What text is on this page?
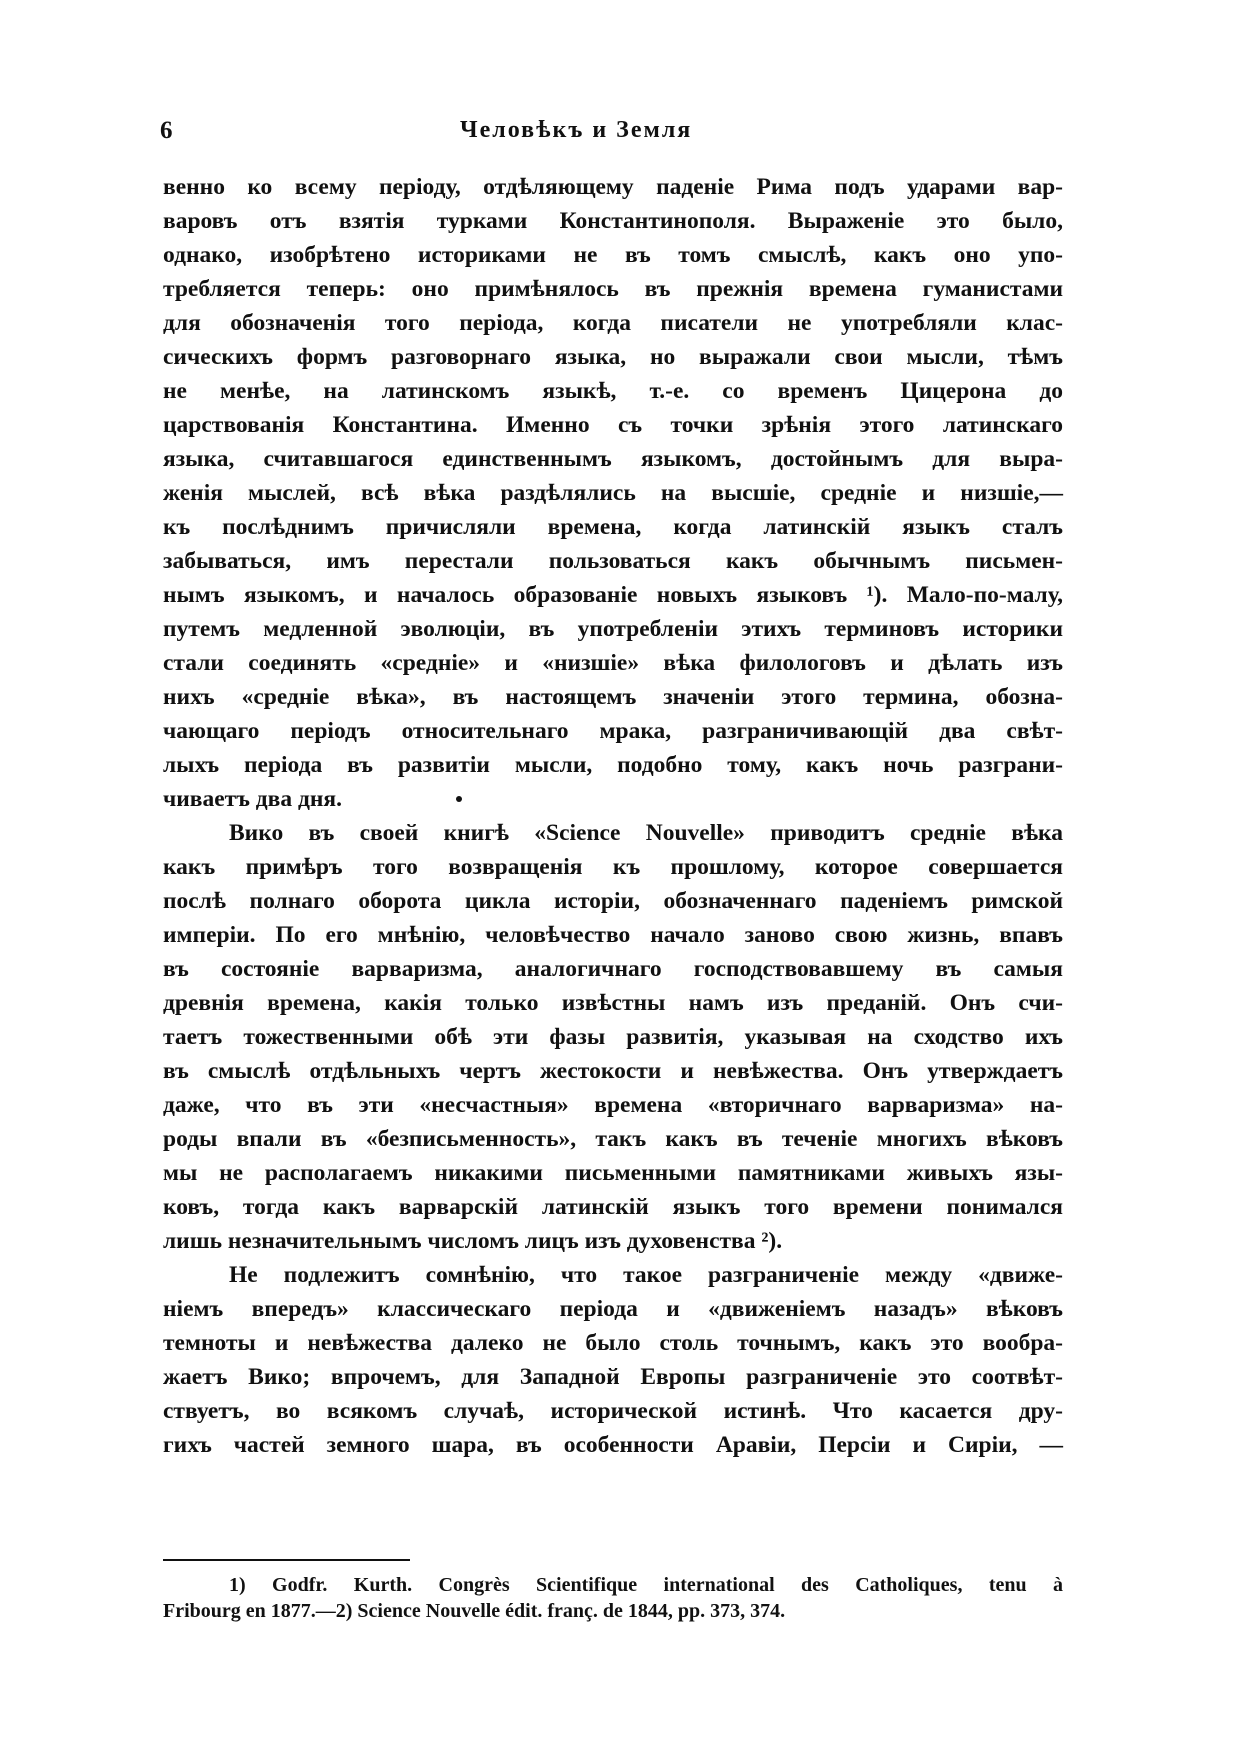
6	Человѣкъ и Земля
венно ко всему періоду, отдѣляющему паденіе Рима подъ ударами вар-
варовъ отъ взятія турками Константинополя. Выраженіе это было,
однако, изобрѣтено историками не въ томъ смыслѣ, какъ оно упо-
требляется теперь: оно примѣнялось въ прежнія времена гуманистами
для обозначенія того періода, когда писатели не употребляли клас-
сическихъ формъ разговорнаго языка, но выражали свои мысли, тѣмъ
не менѣе, на латинскомъ языкѣ, т.-е. со временъ Цицерона до
царствованія Константина. Именно съ точки зрѣнія этого латинскаго
языка, считавшагося единственнымъ языкомъ, достойнымъ для выра-
женія мыслей, всѣ вѣка раздѣлялись на высшіе, средніе и низшіе,—
къ послѣднимъ причисляли времена, когда латинскій языкъ сталъ
забываться, имъ перестали пользоваться какъ обычнымъ письмен-
нымъ языкомъ, и началось образованіе новыхъ языковъ ¹). Мало-по-малу,
путемъ медленной эволюціи, въ употребленіи этихъ терминовъ историки
стали соединять «средніе» и «низшіе» вѣка филологовъ и дѣлать изъ
нихъ «средніе вѣка», въ настоящемъ значеніи этого термина, обозна-
чающаго періодъ относительнаго мрака, разграничивающій два свѣт-
лыхъ періода въ развитіи мысли, подобно тому, какъ ночь разграни-
чиваетъ два дня.
Вико въ своей книгѣ «Science Nouvelle» приводитъ средніе вѣка
какъ примѣръ того возвращенія къ прошлому, которое совершается
послѣ полнаго оборота цикла исторіи, обозначеннаго паденіемъ римской
имперіи. По его мнѣнію, человѣчество начало заново свою жизнь, впавъ
въ состояніе варваризма, аналогичнаго господствовавшему въ самыя
древнія времена, какія только извѣстны намъ изъ преданій. Онъ счи-
таетъ тожественными обѣ эти фазы развитія, указывая на сходство ихъ
въ смыслѣ отдѣльныхъ чертъ жестокости и невѣжества. Онъ утверждаетъ
даже, что въ эти «несчастныя» времена «вторичнаго варваризма» на-
роды впали въ «безписьменность», такъ какъ въ теченіе многихъ вѣковъ
мы не располагаемъ никакими письменными памятниками живыхъ язы-
ковъ, тогда какъ варварскій латинскій языкъ того времени понимался
лишь незначительнымъ числомъ лицъ изъ духовенства ²).
Не подлежитъ сомнѣнію, что такое разграниченіе между «движе-
ніемъ впередъ» классическаго періода и «движеніемъ назадъ» вѣковъ
темноты и невѣжества далеко не было столь точнымъ, какъ это вообра-
жаетъ Вико; впрочемъ, для Западной Европы разграниченіе это соотвѣт-
ствуетъ, во всякомъ случаѣ, исторической истинѣ. Что касается дру-
гихъ частей земного шара, въ особенности Аравіи, Персіи и Сиріи, —
1) Godfr. Kurth. Congrès Scientifique international des Catholiques, tenu à
Fribourg en 1877.—2) Science Nouvelle édit. franç. de 1844, pp. 373, 374.
